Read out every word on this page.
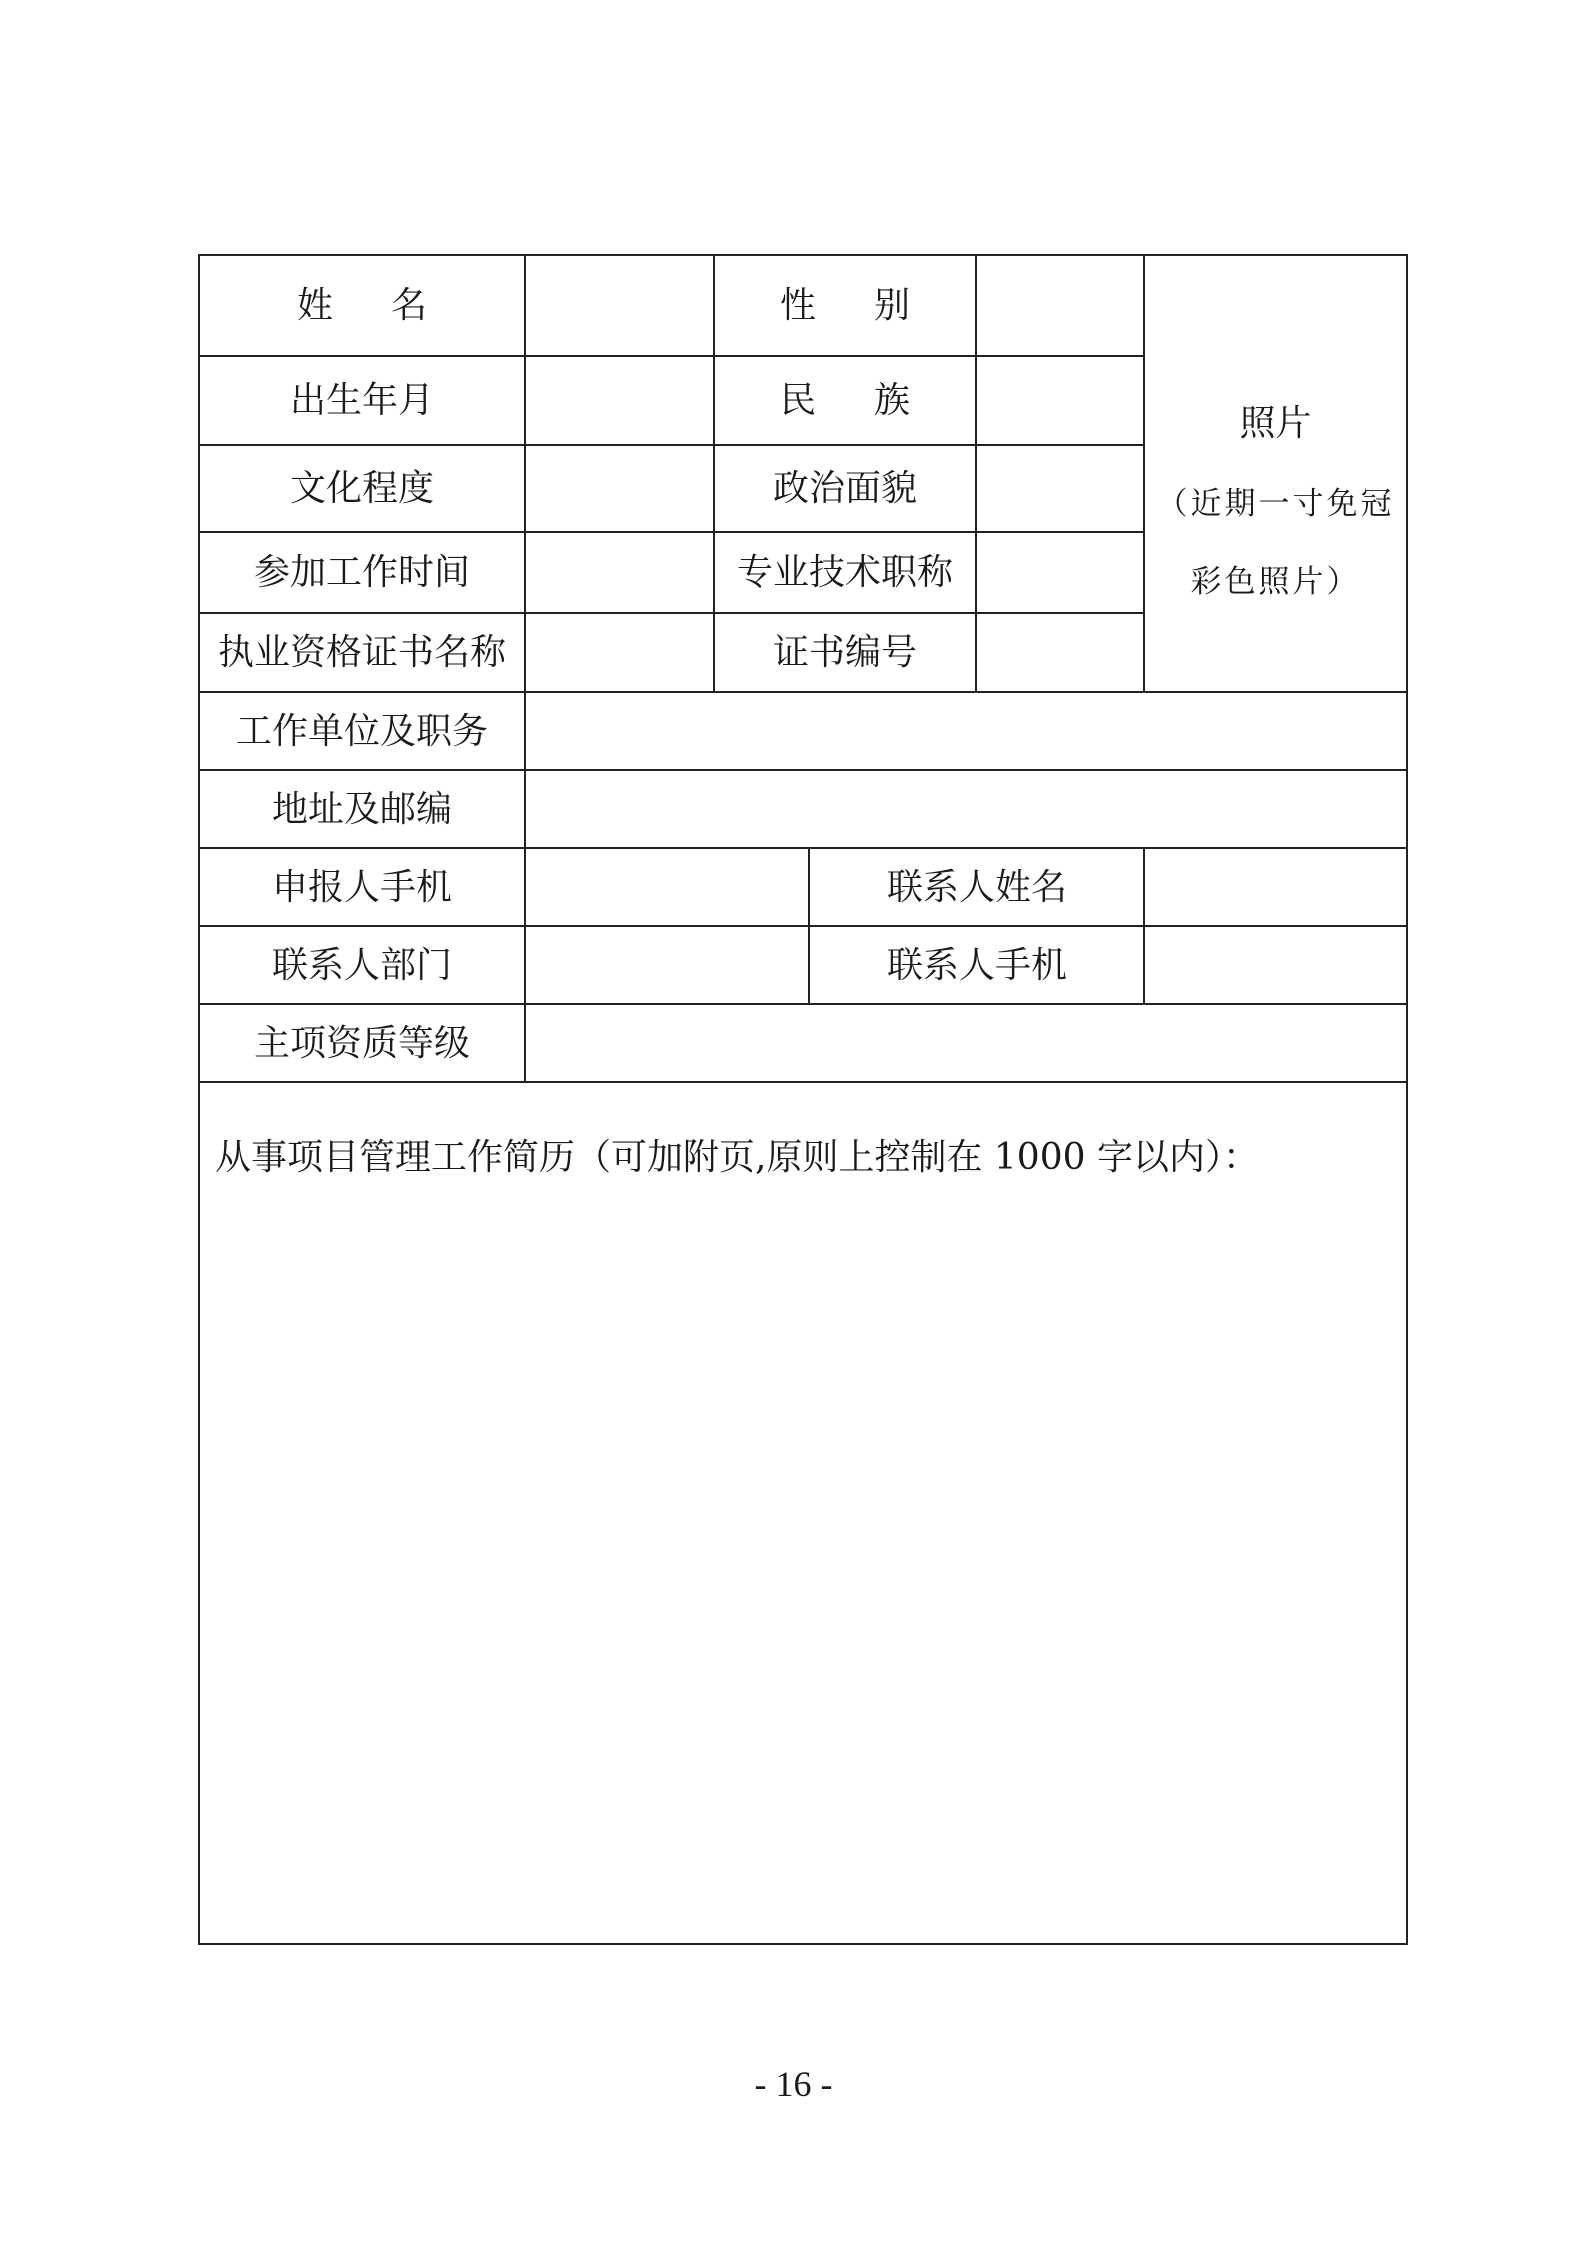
姓名	性别
出生年月	民族
文化程度	政治面貌
参加工作时间	专业技术职称
执业资格证书名称	证书编号
照片
（近期一寸免冠彩色照片）
工作单位及职务
地址及邮编
申报人手机	联系人姓名
联系人部门	联系人手机
主项资质等级
从事项目管理工作简历（可加附页,原则上控制在 1000 字以内）：
- 16 -
